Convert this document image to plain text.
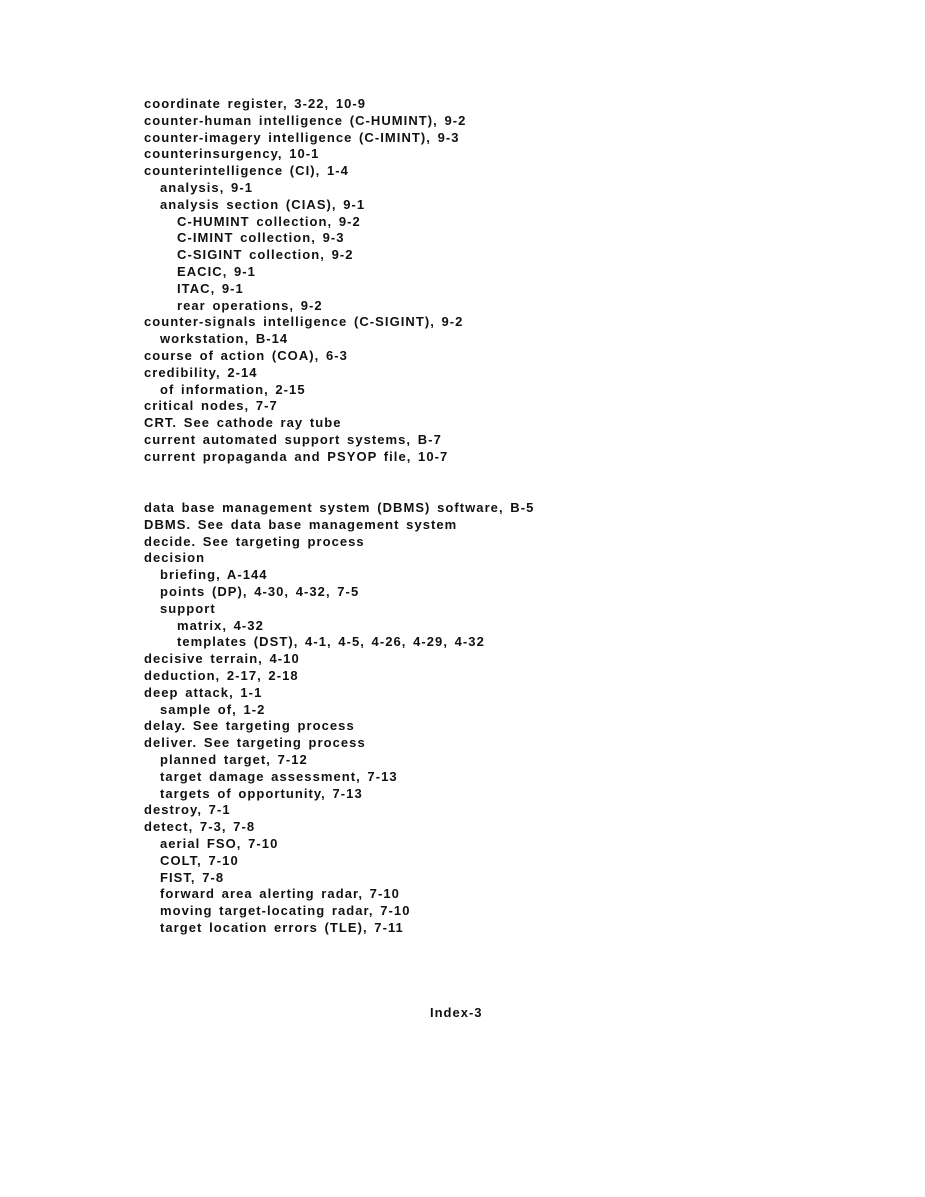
coordinate register, 3-22, 10-9
counter-human intelligence (C-HUMINT), 9-2
counter-imagery intelligence (C-IMINT), 9-3
counterinsurgency, 10-1
counterintelligence (CI), 1-4
analysis, 9-1
analysis section (CIAS), 9-1
C-HUMINT collection, 9-2
C-IMINT collection, 9-3
C-SIGINT collection, 9-2
EACIC, 9-1
ITAC, 9-1
rear operations, 9-2
counter-signals intelligence (C-SIGINT), 9-2
workstation, B-14
course of action (COA), 6-3
credibility, 2-14
of information, 2-15
critical nodes, 7-7
CRT. See cathode ray tube
current automated support systems, B-7
current propaganda and PSYOP file, 10-7
data base management system (DBMS) software, B-5
DBMS. See data base management system
decide. See targeting process
decision
briefing, A-144
points (DP), 4-30, 4-32, 7-5
support
matrix, 4-32
templates (DST), 4-1, 4-5, 4-26, 4-29, 4-32
decisive terrain, 4-10
deduction, 2-17, 2-18
deep attack, 1-1
sample of, 1-2
delay. See targeting process
deliver. See targeting process
planned target, 7-12
target damage assessment, 7-13
targets of opportunity, 7-13
destroy, 7-1
detect, 7-3, 7-8
aerial FSO, 7-10
COLT, 7-10
FIST, 7-8
forward area alerting radar, 7-10
moving target-locating radar, 7-10
target location errors (TLE), 7-11
Index-3
